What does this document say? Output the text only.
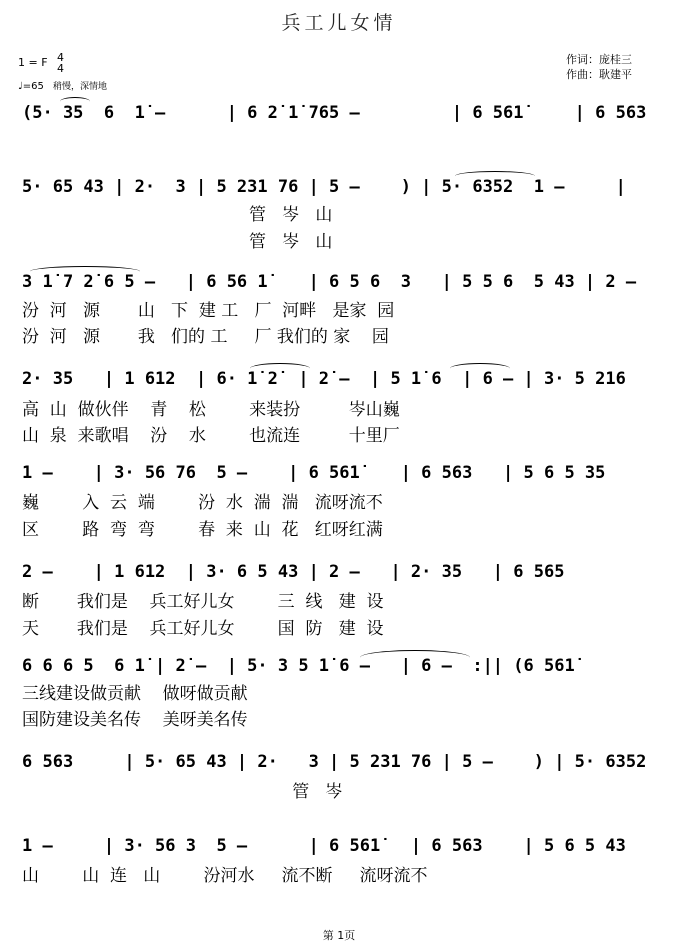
兵工儿女情
作词：庞桂三
作曲：耿建平
1 = F 4
4
♩=65 稍慢，深情地
(5· 35  6  1̇ –      | 6 2̇ 1̇ 765 –         | 6 561̇     | 6 563
5· 65 43 | 2·  3 | 5 231 76 | 5 –    ) | 5· 6352  1 –     |
管   岑   山
管   岑   山
3 1̇ 7 2̇ 6 5 –   | 6 56 1̇    | 6 5 6  3   | 5 5 6  5 43 | 2 –
汾  河   源       山   下  建 工   厂  河畔   是家  园
汾  河   源       我   们的 工     厂 我们的 家    园
2· 35   | 1 612  | 6· 1̇ 2̇  | 2̇ –  | 5 1̇ 6  | 6 – | 3· 5 216
高  山  做伙伴    青    松        来装扮         岑山巍
山  泉  来歌唱    汾    水        也流连         十里厂
1 –    | 3· 56 76  5 –    | 6 561̇    | 6 563   | 5 6 5 35
巍        入  云  端        汾  水  湍  湍   流呀流不
区        路  弯  弯        春  来  山  花   红呀红满
2 –    | 1 612  | 3· 6 5 43 | 2 –   | 2· 35   | 6 565
断       我们是    兵工好儿女        三  线   建  设
天       我们是    兵工好儿女        国  防   建  设
6 6 6 5  6 1̇ | 2̇ –  | 5· 3 5 1̇ 6 –   | 6 –  :|| (6 561̇
三线建设做贡献    做呀做贡献
国防建设美名传    美呀美名传
6 563     | 5· 65 43 | 2·   3 | 5 231 76 | 5 –    ) | 5· 6352
管   岑
1 –     | 3· 56 3  5 –      | 6 561̇   | 6 563    | 5 6 5 43
山        山  连   山        汾河水     流不断     流呀流不
第 1页
